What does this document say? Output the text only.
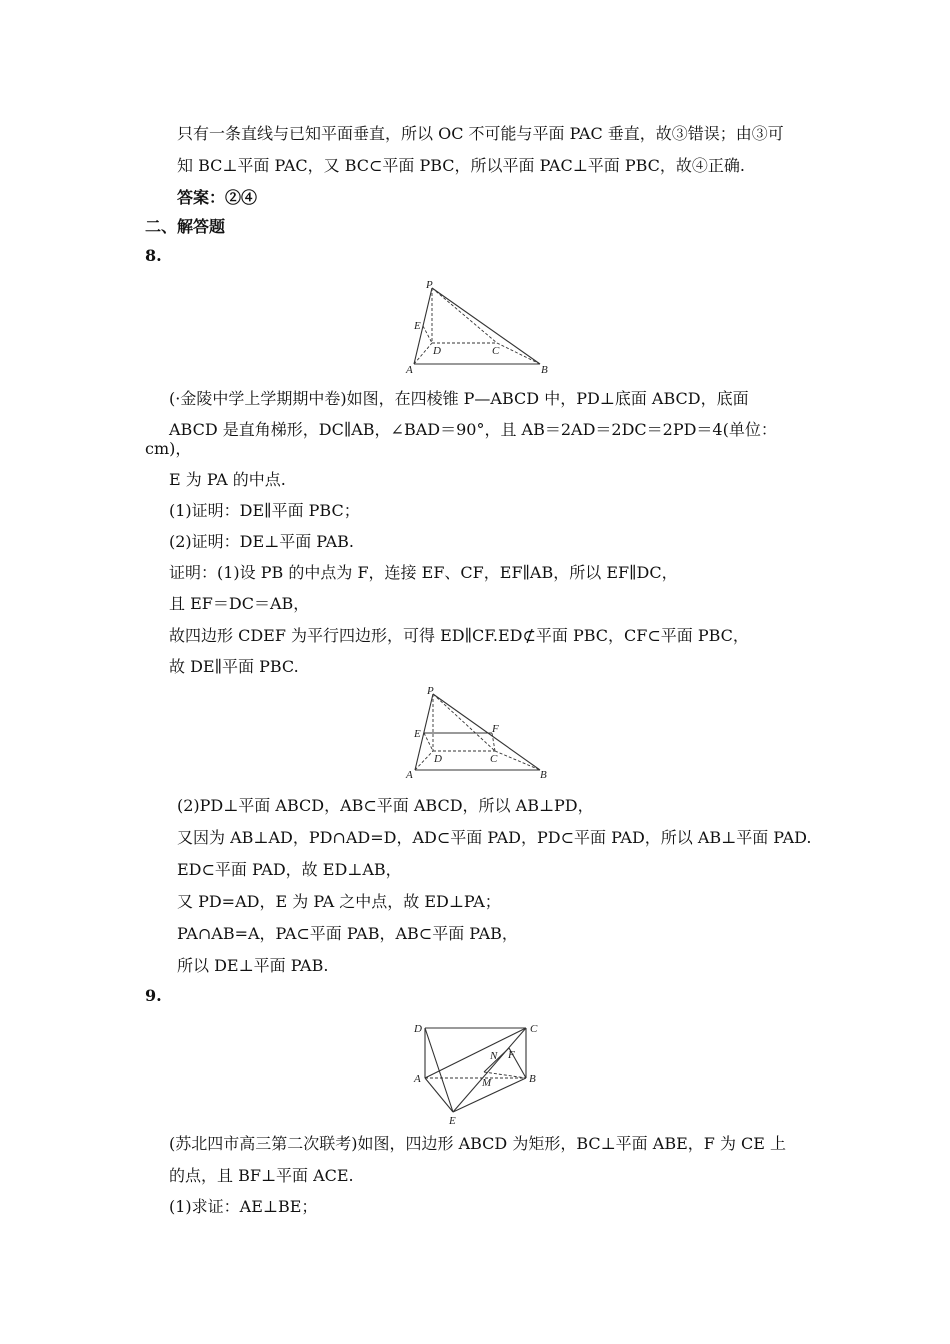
只有一条直线与已知平面垂直，所以 OC 不可能与平面 PAC 垂直，故③错误；由③可
知 BC⊥平面 PAC，又 BC⊂平面 PBC，所以平面 PAC⊥平面 PBC，故④正确.
答案：②④
二、解答题
8.
P
E
D	C
A	B
(·金陵中学上学期期中卷)如图，在四棱锥 P—ABCD 中，PD⊥底面 ABCD，底面
ABCD 是直角梯形，DC∥AB，∠BAD＝90°，且 AB＝2AD＝2DC＝2PD＝4(单位：
cm)，
E 为 PA 的中点.
(1)证明：DE∥平面 PBC；
(2)证明：DE⊥平面 PAB.
证明：(1)设 PB 的中点为 F，连接 EF、CF，EF∥AB，所以 EF∥DC，
且 EF＝DC＝AB，
故四边形 CDEF 为平行四边形，可得 ED∥CF.ED⊄平面 PBC，CF⊂平面 PBC，
故 DE∥平面 PBC.
P
F
E
D	C
A	B
(2)PD⊥平面 ABCD，AB⊂平面 ABCD，所以 AB⊥PD，
又因为 AB⊥AD，PD∩AD=D，AD⊂平面 PAD，PD⊂平面 PAD，所以 AB⊥平面 PAD.
ED⊂平面 PAD，故 ED⊥AB，
又 PD=AD，E 为 PA 之中点，故 ED⊥PA；
PA∩AB=A，PA⊂平面 PAB，AB⊂平面 PAB，
所以 DE⊥平面 PAB.
9.
D	C
N F
A	M	B
E
(苏北四市高三第二次联考)如图，四边形 ABCD 为矩形，BC⊥平面 ABE，F 为 CE 上
的点，且 BF⊥平面 ACE.
(1)求证：AE⊥BE；
